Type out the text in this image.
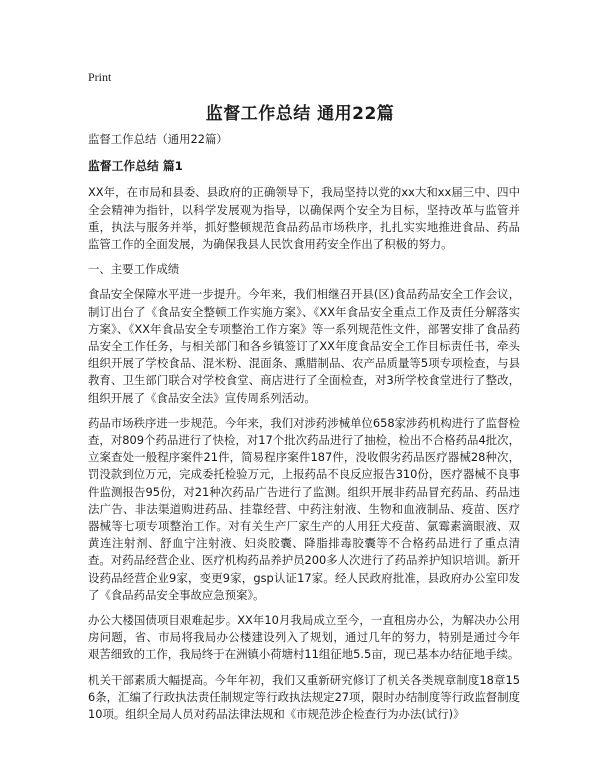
Print
监督工作总结 通用22篇

监督工作总结（通用22篇）

监督工作总结 篇1

XX年，在市局和县委、县政府的正确领导下，我局坚持以党的xx大和xx届三中、四中全会精神为指针，以科学发展观为指导，以确保两个安全为目标，坚持改革与监管并重，执法与服务并举，抓好整顿规范食品药品市场秩序，扎扎实实地推进食品、药品监管工作的全面发展，为确保我县人民饮食用药安全作出了积极的努力。

一、主要工作成绩

食品安全保障水平进一步提升。今年来，我们相继召开县(区)食品药品安全工作会议，制订出台了《食品安全整顿工作实施方案》、《XX年食品安全重点工作及责任分解落实方案》、《XX年食品安全专项整治工作方案》等一系列规范性文件，部署安排了食品药品安全工作任务，与相关部门和各乡镇签订了XX年度食品安全工作目标责任书，牵头组织开展了学校食品、混米粉、混面条、熏腊制品、农产品质量等5项专项检查，与县教育、卫生部门联合对学校食堂、商店进行了全面检查，对3所学校食堂进行了整改，组织开展了《食品安全法》宣传周系列活动。

药品市场秩序进一步规范。今年来，我们对涉药涉械单位658家涉药机构进行了监督检查，对809个药品进行了快检，对17个批次药品进行了抽检，检出不合格药品4批次，立案查处一般程序案件21件，简易程序案件187件，没收假劣药品医疗器械28种次，罚没款到位万元，完成委托检验万元，上报药品不良反应报告310份，医疗器械不良事件监测报告95份，对21种次药品广告进行了监测。组织开展非药品冒充药品、药品违法广告、非法渠道购进药品、挂靠经营、中药注射液、生物和血液制品、疫苗、医疗器械等七项专项整治工作。对有关生产厂家生产的人用狂犬疫苗、氯霉素滴眼液、双黄连注射剂、舒血宁注射液、妇炎胶囊、降脂排毒胶囊等不合格药品进行了重点清查。对药品经营企业、医疗机构药品养护员200多人次进行了药品养护知识培训。新开设药品经营企业9家，变更9家，gsp认证17家。经人民政府批准，县政府办公室印发了《食品药品安全事故应急预案》。

办公大楼国债项目艰难起步。XX年10月我局成立至今，一直租房办公，为解决办公用房问题，省、市局将我局办公楼建设列入了规划，通过几年的努力，特别是通过今年艰苦细致的工作，我局终于在洲镇小荷塘村11组征地5.5亩，现已基本办结征地手续。

机关干部素质大幅提高。今年年初，我们又重新研究修订了机关各类规章制度18章156条，汇编了行政执法责任制规定等行政执法规定27项，限时办结制度等行政监督制度10项。组织全局人员对药品法律法规和《市规范涉企检查行为办法(试行)》
